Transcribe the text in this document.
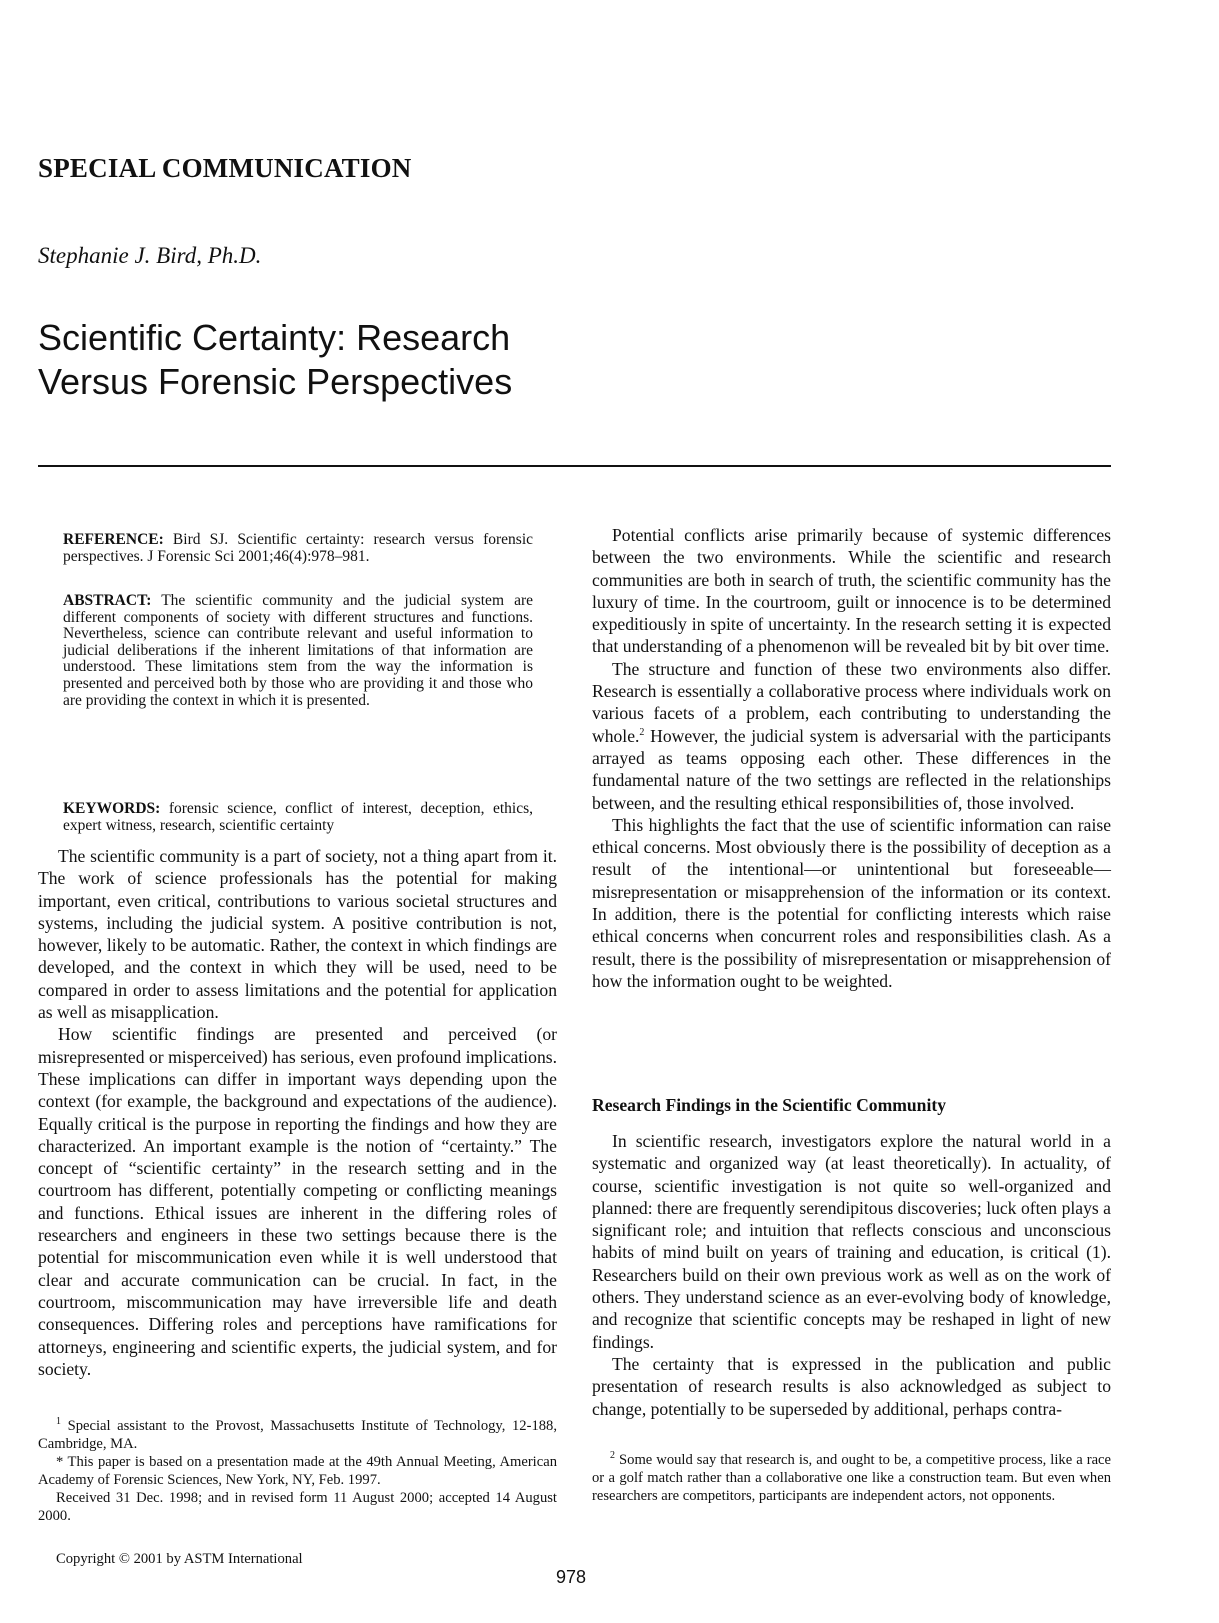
SPECIAL COMMUNICATION
Stephanie J. Bird, Ph.D.
Scientific Certainty: Research
Versus Forensic Perspectives
REFERENCE: Bird SJ. Scientific certainty: research versus forensic perspectives. J Forensic Sci 2001;46(4):978–981.
ABSTRACT: The scientific community and the judicial system are different components of society with different structures and functions. Nevertheless, science can contribute relevant and useful information to judicial deliberations if the inherent limitations of that information are understood. These limitations stem from the way the information is presented and perceived both by those who are providing it and those who are providing the context in which it is presented.
KEYWORDS: forensic science, conflict of interest, deception, ethics, expert witness, research, scientific certainty

The scientific community is a part of society, not a thing apart from it. The work of science professionals has the potential for making important, even critical, contributions to various societal structures and systems, including the judicial system. A positive contribution is not, however, likely to be automatic. Rather, the context in which findings are developed, and the context in which they will be used, need to be compared in order to assess limitations and the potential for application as well as misapplication.

How scientific findings are presented and perceived (or misrepresented or misperceived) has serious, even profound implications. These implications can differ in important ways depending upon the context (for example, the background and expectations of the audience). Equally critical is the purpose in reporting the findings and how they are characterized. An important example is the notion of “certainty.” The concept of “scientific certainty” in the research setting and in the courtroom has different, potentially competing or conflicting meanings and functions. Ethical issues are inherent in the differing roles of researchers and engineers in these two settings because there is the potential for miscommunication even while it is well understood that clear and accurate communication can be crucial. In fact, in the courtroom, miscommunication may have irreversible life and death consequences. Differing roles and perceptions have ramifications for attorneys, engineering and scientific experts, the judicial system, and for society.

Potential conflicts arise primarily because of systemic differences between the two environments. While the scientific and research communities are both in search of truth, the scientific community has the luxury of time. In the courtroom, guilt or innocence is to be determined expeditiously in spite of uncertainty. In the research setting it is expected that understanding of a phenomenon will be revealed bit by bit over time.

The structure and function of these two environments also differ. Research is essentially a collaborative process where individuals work on various facets of a problem, each contributing to understanding the whole.$^2$ However, the judicial system is adversarial with the participants arrayed as teams opposing each other. These differences in the fundamental nature of the two settings are reflected in the relationships between, and the resulting ethical responsibilities of, those involved.

This highlights the fact that the use of scientific information can raise ethical concerns. Most obviously there is the possibility of deception as a result of the intentional—or unintentional but foreseeable—misrepresentation or misapprehension of the information or its context. In addition, there is the potential for conflicting interests which raise ethical concerns when concurrent roles and responsibilities clash. As a result, there is the possibility of misrepresentation or misapprehension of how the information ought to be weighted.

Research Findings in the Scientific Community

In scientific research, investigators explore the natural world in a systematic and organized way (at least theoretically). In actuality, of course, scientific investigation is not quite so well-organized and planned: there are frequently serendipitous discoveries; luck often plays a significant role; and intuition that reflects conscious and unconscious habits of mind built on years of training and education, is critical (1). Researchers build on their own previous work as well as on the work of others. They understand science as an ever-evolving body of knowledge, and recognize that scientific concepts may be reshaped in light of new findings.

The certainty that is expressed in the publication and public presentation of research results is also acknowledged as subject to change, potentially to be superseded by additional, perhaps contra-

$^1$ Special assistant to the Provost, Massachusetts Institute of Technology, 12-188, Cambridge, MA.

* This paper is based on a presentation made at the 49th Annual Meeting, American Academy of Forensic Sciences, New York, NY, Feb. 1997.

Received 31 Dec. 1998; and in revised form 11 August 2000; accepted 14 August 2000.

$^2$ Some would say that research is, and ought to be, a competitive process, like a race or a golf match rather than a collaborative one like a construction team. But even when researchers are competitors, participants are independent actors, not opponents.

Copyright © 2001 by ASTM International
978
